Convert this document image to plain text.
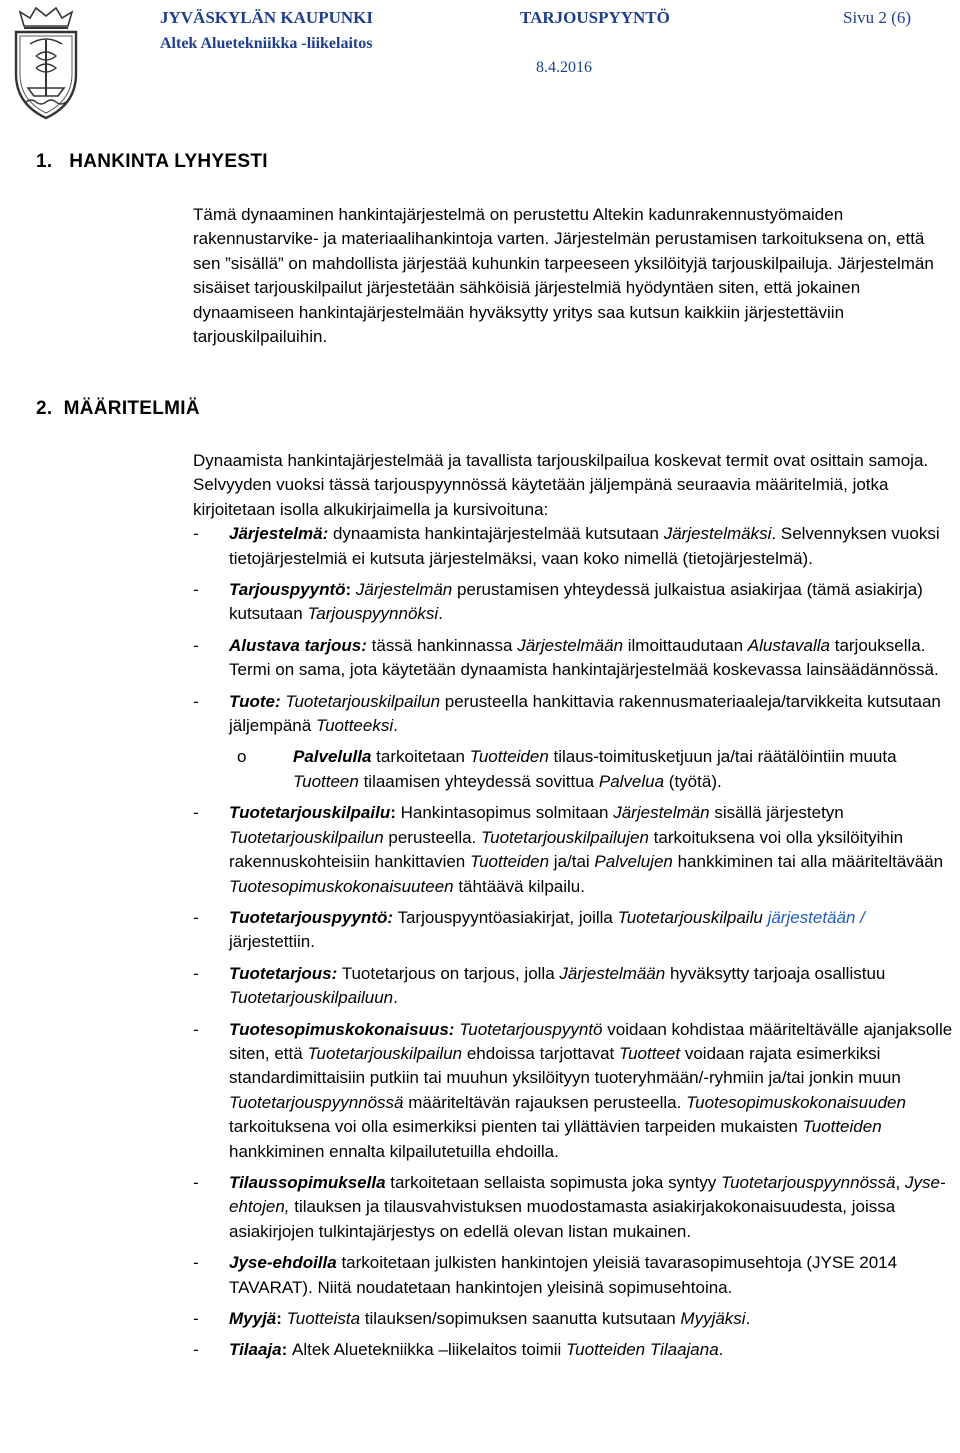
JYVÄSKYLÄN KAUPUNKI
Altek Aluetekniikka -liikelaitos
TARJOUSPYYNTÖ	Sivu 2 (6)
8.4.2016
1. HANKINTA LYHYESTI

Tämä dynaaminen hankintajärjestelmä on perustettu Altekin kadunrakennustyömaiden rakennustarvike- ja materiaalihankintoja varten. Järjestelmän perustamisen tarkoituksena on, että sen ”sisällä” on mahdollista järjestää kuhunkin tarpeeseen yksilöityjä tarjouskilpailuja. Järjestelmän sisäiset tarjouskilpailut järjestetään sähköisiä järjestelmiä hyödyntäen siten, että jokainen dynaamiseen hankintajärjestelmään hyväksytty yritys saa kutsun kaikkiin järjestettäviin tarjouskilpailuihin.

2. MÄÄRITELMIÄ

Dynaamista hankintajärjestelmää ja tavallista tarjouskilpailua koskevat termit ovat osittain samoja. Selvyyden vuoksi tässä tarjouspyynnössä käytetään jäljempänä seuraavia määritelmiä, jotka kirjoitetaan isolla alkukirjaimella ja kursivoituna:

- Järjestelmä: dynaamista hankintajärjestelmää kutsutaan Järjestelmäksi. Selvennyksen vuoksi tietojärjestelmiä ei kutsuta järjestelmäksi, vaan koko nimellä (tietojärjestelmä).
- Tarjouspyyntö: Järjestelmän perustamisen yhteydessä julkaistua asiakirjaa (tämä asiakirja) kutsutaan Tarjouspyynnöksi.
- Alustava tarjous: tässä hankinnassa Järjestelmään ilmoittaudutaan Alustavalla tarjouksella. Termi on sama, jota käytetään dynaamista hankintajärjestelmää koskevassa lainsäädännössä.
- Tuote: Tuotetarjouskilpailun perusteella hankittavia rakennusmateriaaleja/tarvikkeita kutsutaan jäljempänä Tuotteeksi.
o Palvelulla tarkoitetaan Tuotteiden tilaus-toimitusketjuun ja/tai räätälöintiin muuta Tuotteen tilaamisen yhteydessä sovittua Palvelua (työtä).
- Tuotetarjouskilpailu: Hankintasopimus solmitaan Järjestelmän sisällä järjestetyn Tuotetarjouskilpailun perusteella. Tuotetarjouskilpailujen tarkoituksena voi olla yksilöityihin rakennuskohteisiin hankittavien Tuotteiden ja/tai Palvelujen hankkiminen tai alla määriteltävään Tuotesopimuskokonaisuuteen tähtäävä kilpailu.
- Tuotetarjouspyyntö: Tarjouspyyntöasiakirjat, joilla Tuotetarjouskilpailu järjestetään / järjestettiin.
- Tuotetarjous: Tuotetarjous on tarjous, jolla Järjestelmään hyväksytty tarjoaja osallistuu Tuotetarjouskilpailuun.
- Tuotesopimuskokonaisuus: Tuotetarjouspyyntö voidaan kohdistaa määriteltävälle ajanjaksolle siten, että Tuotetarjouskilpailun ehdoissa tarjottavat Tuotteet voidaan rajata esimerkiksi standardimittaisiin putkiin tai muuhun yksilöityyn tuoteryhmään/-ryhmiin ja/tai jonkin muun Tuotetarjouspyynnössä määriteltävän rajauksen perusteella. Tuotesopimuskokonaisuuden tarkoituksena voi olla esimerkiksi pienten tai yllättävien tarpeiden mukaisten Tuotteiden hankkiminen ennalta kilpailutetuilla ehdoilla.
- Tilaussopimuksella tarkoitetaan sellaista sopimusta joka syntyy Tuotetarjouspyynnössä, Jyse-ehtojen, tilauksen ja tilausvahvistuksen muodostamasta asiakirjakokonaisuudesta, joissa asiakirjojen tulkintajärjestys on edellä olevan listan mukainen.
- Jyse-ehdoilla tarkoitetaan julkisten hankintojen yleisiä tavarasopimusehtoja (JYSE 2014 TAVARAT). Niitä noudatetaan hankintojen yleisinä sopimusehtoina.
- Myyjä: Tuotteista tilauksen/sopimuksen saanutta kutsutaan Myyjäksi.
- Tilaaja: Altek Aluetekniikka –liikelaitos toimii Tuotteiden Tilaajana.
